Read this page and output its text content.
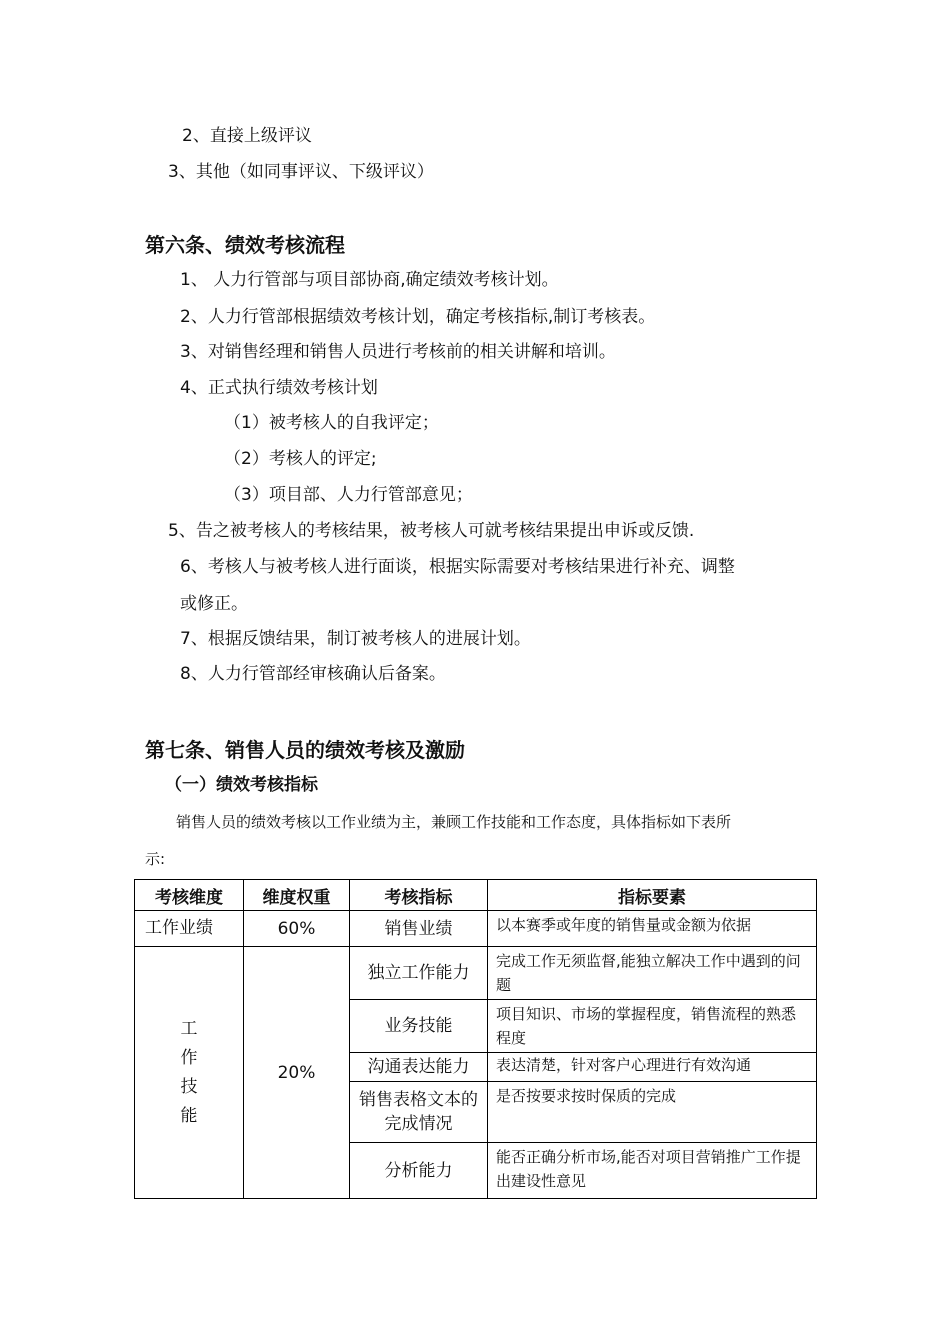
2、直接上级评议
3、其他（如同事评议、下级评议）
第六条、绩效考核流程
1、 人力行管部与项目部协商,确定绩效考核计划。
2、人力行管部根据绩效考核计划，确定考核指标,制订考核表。
3、对销售经理和销售人员进行考核前的相关讲解和培训。
4、正式执行绩效考核计划
（1）被考核人的自我评定；
（2）考核人的评定;
（3）项目部、人力行管部意见；
5、告之被考核人的考核结果，被考核人可就考核结果提出申诉或反馈.
6、考核人与被考核人进行面谈，根据实际需要对考核结果进行补充、调整
或修正。
7、根据反馈结果，制订被考核人的进展计划。
8、人力行管部经审核确认后备案。
第七条、销售人员的绩效考核及激励
（一）绩效考核指标
销售人员的绩效考核以工作业绩为主，兼顾工作技能和工作态度，具体指标如下表所
示:
考核维度	维度权重	考核指标	指标要素
工作业绩	60%	销售业绩	以本赛季或年度的销售量或金额为依据

工作技能	20%	独立工作能力	完成工作无须监督,能独立解决工作中遇到的问题
		业务技能	项目知识、市场的掌握程度，销售流程的熟悉程度
		沟通表达能力	表达清楚，针对客户心理进行有效沟通
		销售表格文本的完成情况	是否按要求按时保质的完成
		分析能力	能否正确分析市场,能否对项目营销推广工作提出建设性意见
